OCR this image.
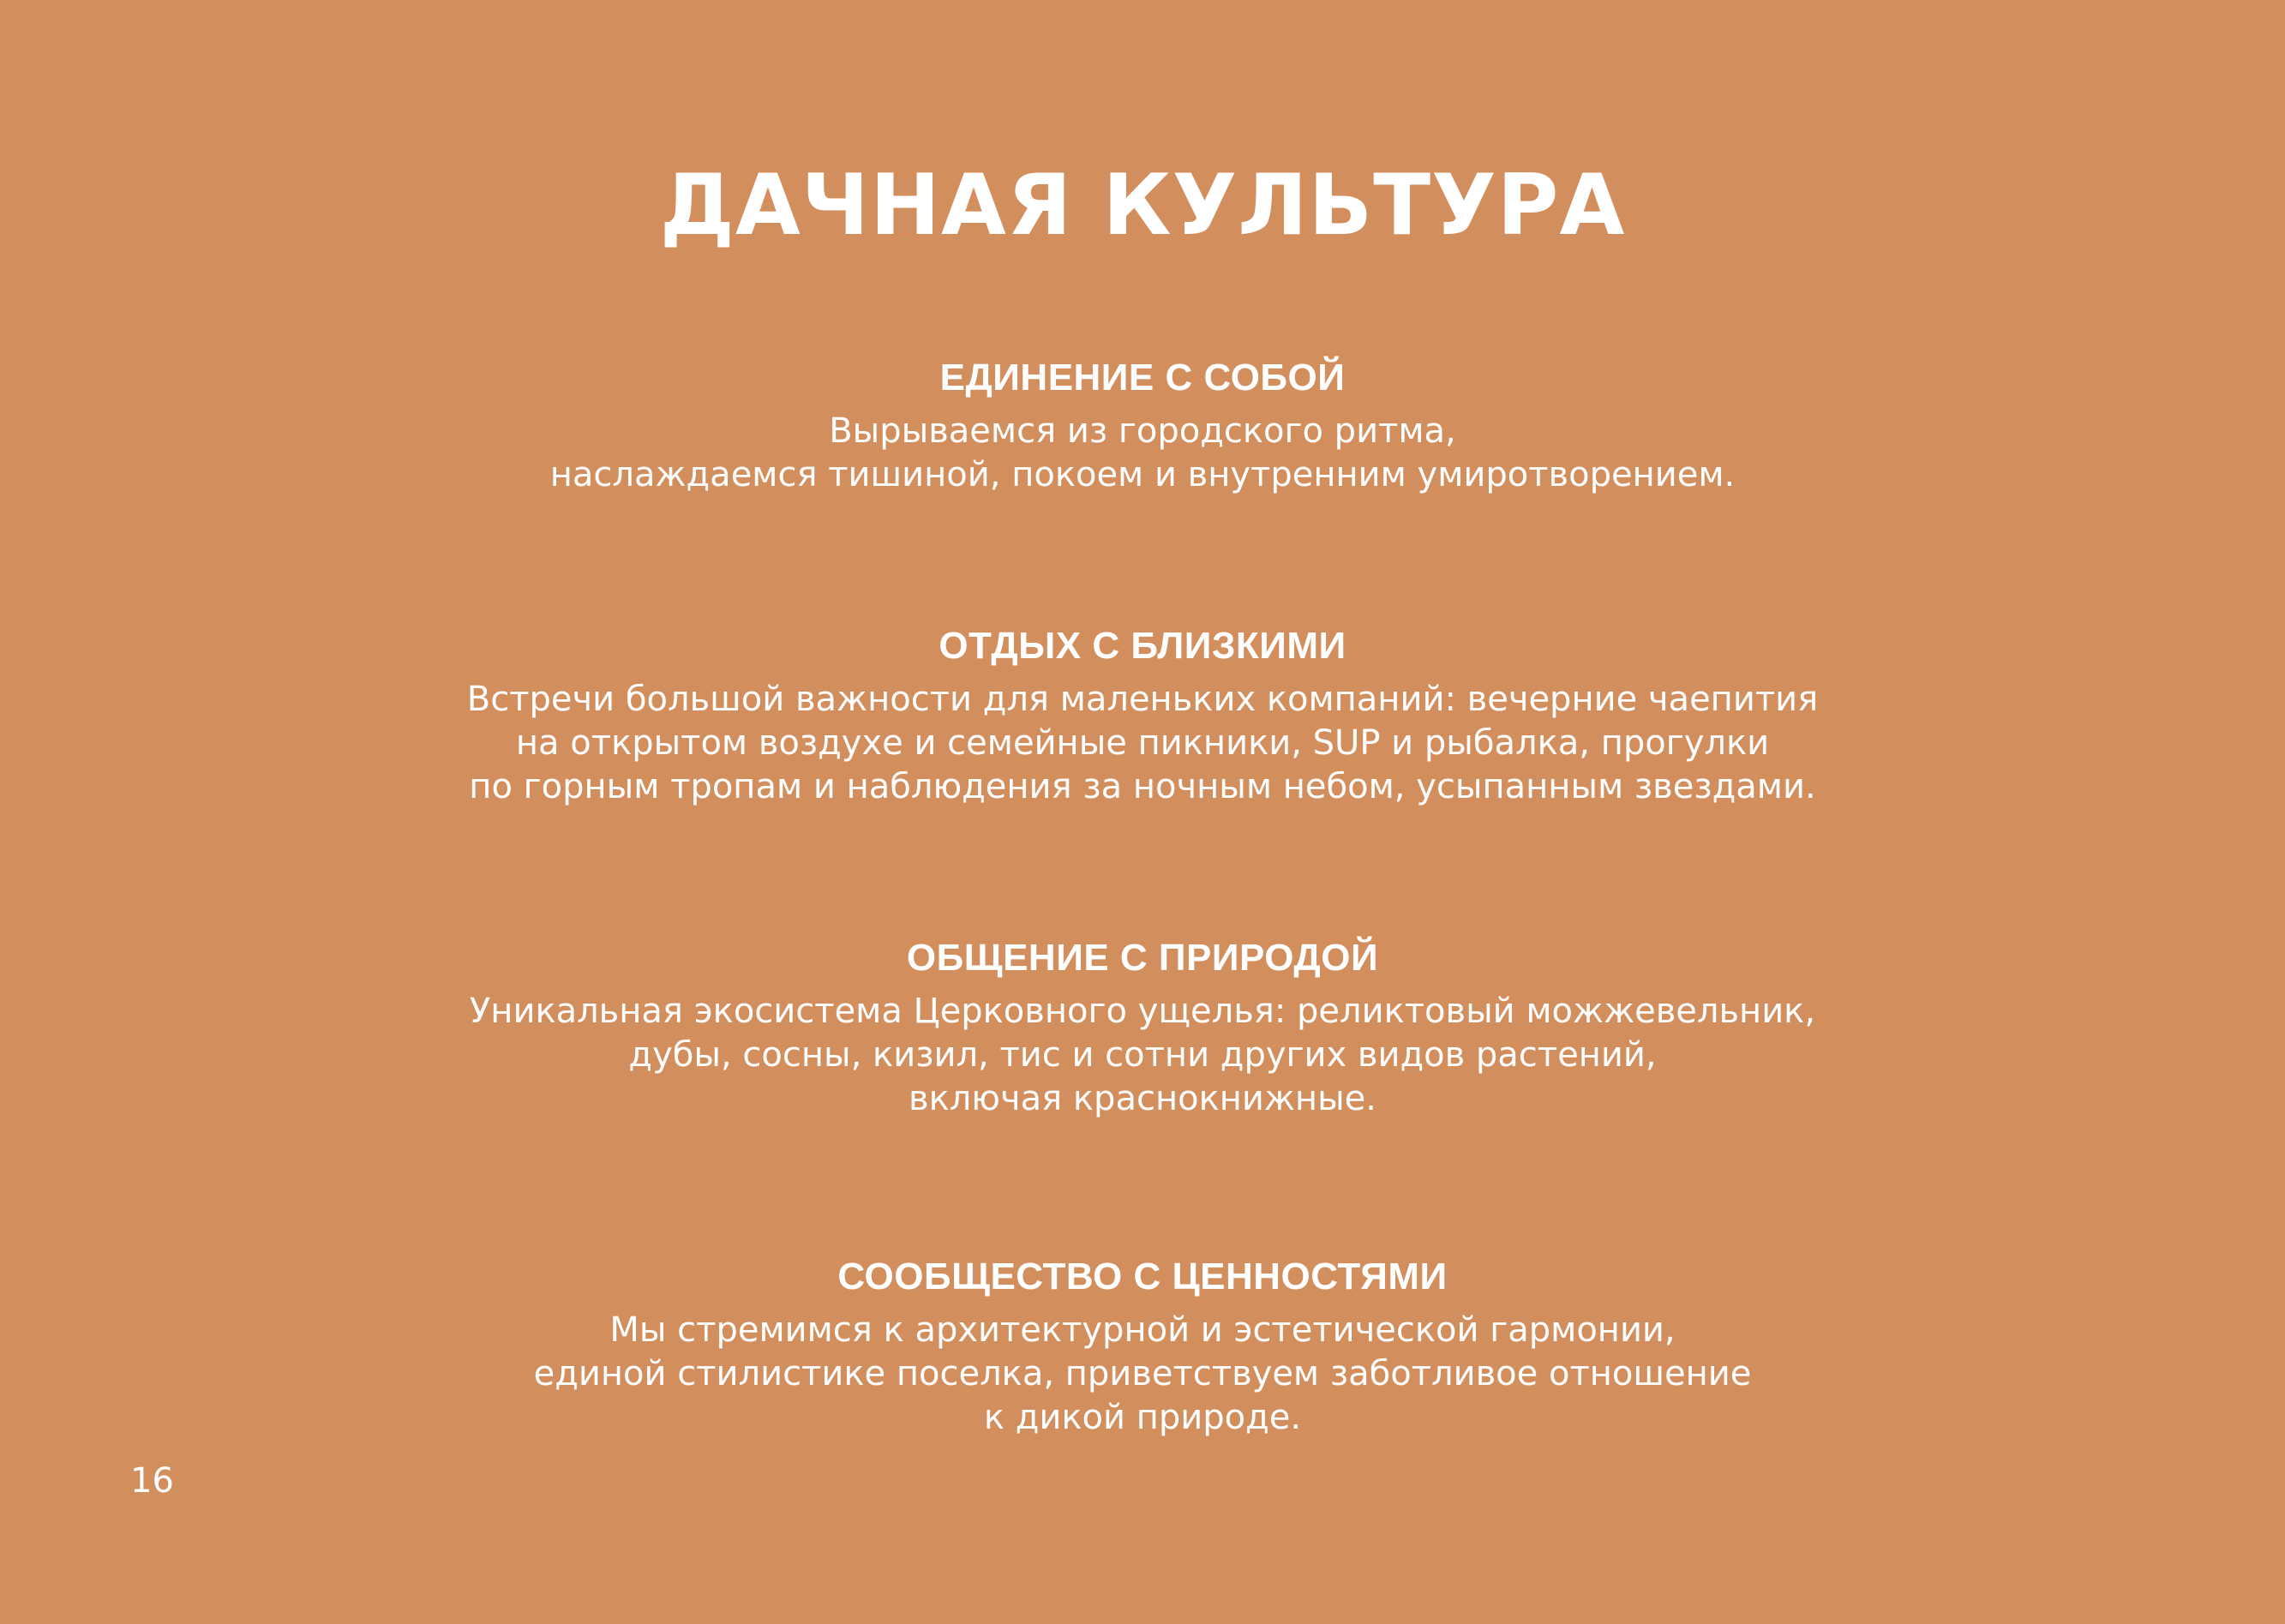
ДАЧНАЯ КУЛЬТУРА
ЕДИНЕНИЕ С СОБОЙ

Вырываемся из городского ритма,
наслаждаемся тишиной, покоем и внутренним умиротворением.

ОТДЫХ С БЛИЗКИМИ

Встречи большой важности для маленьких компаний: вечерние чаепития
на открытом воздухе и семейные пикники, SUP и рыбалка, прогулки
по горным тропам и наблюдения за ночным небом, усыпанным звездами.

ОБЩЕНИЕ С ПРИРОДОЙ

Уникальная экосистема Церковного ущелья: реликтовый можжевельник,
дубы, сосны, кизил, тис и сотни других видов растений,
включая краснокнижные.

СООБЩЕСТВО С ЦЕННОСТЯМИ

Мы стремимся к архитектурной и эстетической гармонии,
единой стилистике поселка, приветствуем заботливое отношение
к дикой природе.

16
